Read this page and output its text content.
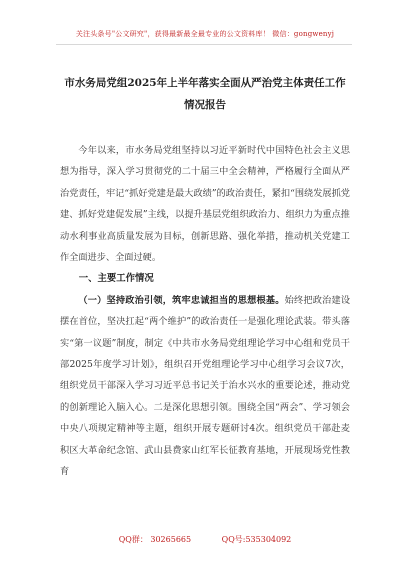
关注头条号"公文研究"，获得最新最全最专业的公文资料库！ 微信：gongwenyj
市水务局党组2025年上半年落实全面从严治党主体责任工作情况报告

今年以来，市水务局党组坚持以习近平新时代中国特色社会主义思想为指导，深入学习贯彻党的二十届三中全会精神，严格履行全面从严治党责任，牢记“抓好党建是最大政绩”的政治责任，紧扣“围绕发展抓党建、抓好党建促发展”主线，以提升基层党组织政治力、组织力为重点推动水利事业高质量发展为目标，创新思路、强化举措，推动机关党建工作全面进步、全面过硬。

一、主要工作情况

（一）坚持政治引领，筑牢忠诚担当的思想根基。始终把政治建设摆在首位，坚决扛起“两个维护”的政治责任一是强化理论武装。带头落实“第一议题”制度，制定《中共市水务局党组理论学习中心组和党员干部2025年度学习计划》，组织召开党组理论学习中心组学习会议7次，组织党员干部深入学习习近平总书记关于治水兴水的重要论述，推动党的创新理论入脑入心。二是深化思想引领。围绕全国“两会”、学习领会中央八项规定精神等主题，组织开展专题研讨4次。组织党员干部赴麦积区大革命纪念馆、武山县费家山红军长征教育基地，开展现场党性教育

QQ群： 30265665	QQ号:535304092
